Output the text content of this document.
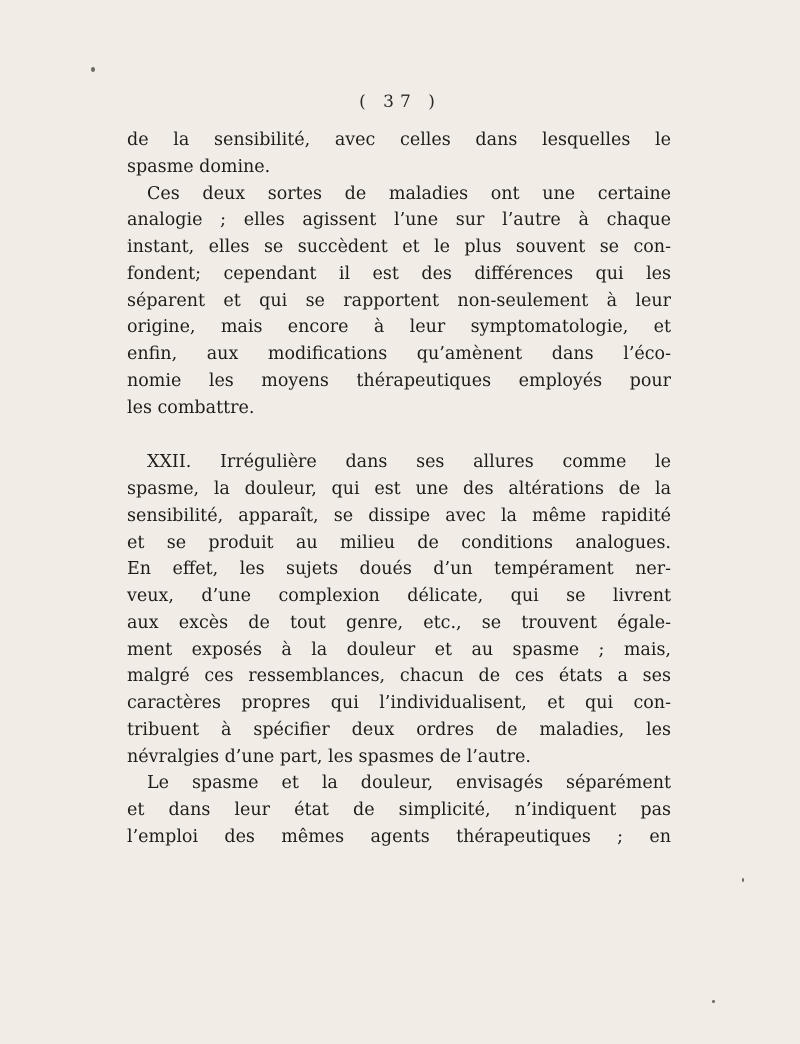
( 37 )
de la sensibilité, avec celles dans lesquelles le
spasme domine.
Ces deux sortes de maladies ont une certaine
analogie ; elles agissent l’une sur l’autre à chaque
instant, elles se succèdent et le plus souvent se con-
fondent; cependant il est des différences qui les
séparent et qui se rapportent non-seulement à leur
origine, mais encore à leur symptomatologie, et
enfin, aux modifications qu’amènent dans l’éco-
nomie les moyens thérapeutiques employés pour
les combattre.
XXII. Irrégulière dans ses allures comme le
spasme, la douleur, qui est une des altérations de la
sensibilité, apparaît, se dissipe avec la même rapidité
et se produit au milieu de conditions analogues.
En effet, les sujets doués d’un tempérament ner-
veux, d’une complexion délicate, qui se livrent
aux excès de tout genre, etc., se trouvent égale-
ment exposés à la douleur et au spasme ; mais,
malgré ces ressemblances, chacun de ces états a ses
caractères propres qui l’individualisent, et qui con-
tribuent à spécifier deux ordres de maladies, les
névralgies d’une part, les spasmes de l’autre.
Le spasme et la douleur, envisagés séparément
et dans leur état de simplicité, n’indiquent pas
l’emploi des mêmes agents thérapeutiques ; en
